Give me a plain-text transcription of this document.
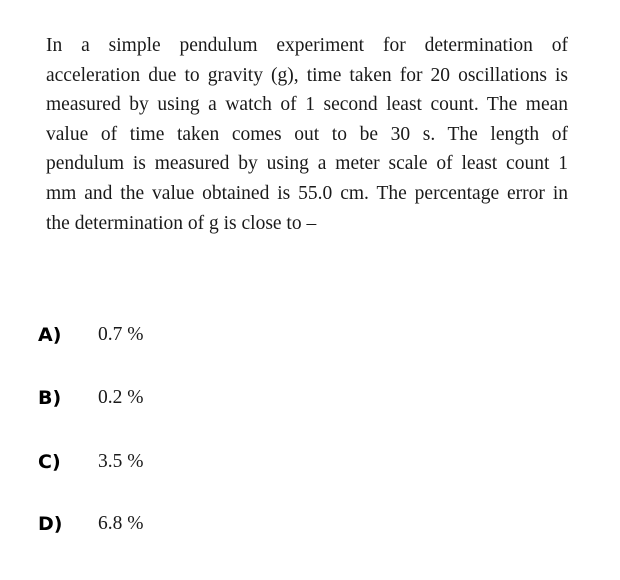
In a simple pendulum experiment for determination of
acceleration due to gravity (g), time taken for 20 oscillations is
measured by using a watch of 1 second least count. The mean
value of time taken comes out to be 30 s. The length of
pendulum is measured by using a meter scale of least count 1
mm and the value obtained is 55.0 cm. The percentage error in
the determination of g is close to –
A)	0.7 %
B)	0.2 %
C)	3.5 %
D)	6.8 %
